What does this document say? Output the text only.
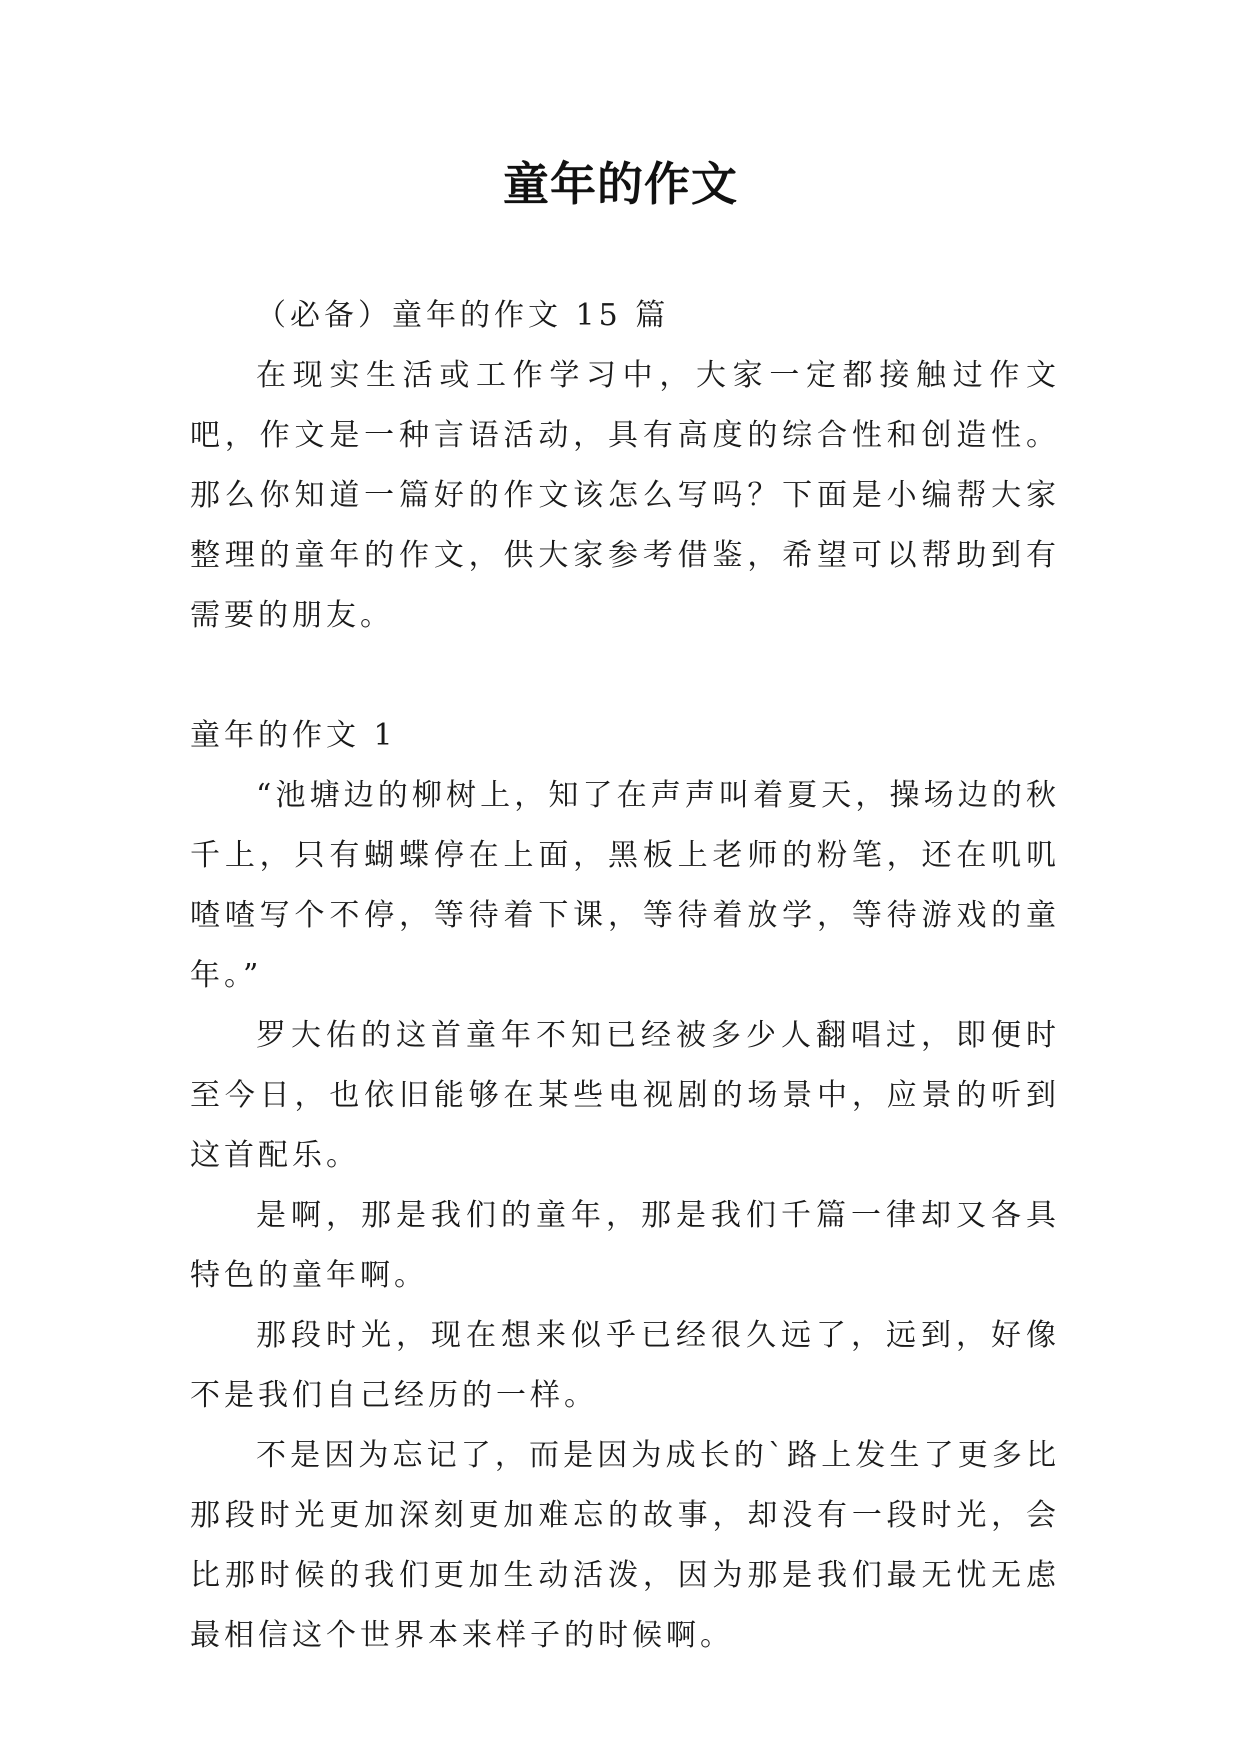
童年的作文

（必备）童年的作文 15 篇

在现实生活或工作学习中，大家一定都接触过作文吧，作文是一种言语活动，具有高度的综合性和创造性。那么你知道一篇好的作文该怎么写吗？下面是小编帮大家整理的童年的作文，供大家参考借鉴，希望可以帮助到有需要的朋友。

童年的作文 1

“池塘边的柳树上，知了在声声叫着夏天，操场边的秋千上，只有蝴蝶停在上面，黑板上老师的粉笔，还在叽叽喳喳写个不停，等待着下课，等待着放学，等待游戏的童年。”

罗大佑的这首童年不知已经被多少人翻唱过，即便时至今日，也依旧能够在某些电视剧的场景中，应景的听到这首配乐。

是啊，那是我们的童年，那是我们千篇一律却又各具特色的童年啊。

那段时光，现在想来似乎已经很久远了，远到，好像不是我们自己经历的一样。

不是因为忘记了，而是因为成长的`路上发生了更多比那段时光更加深刻更加难忘的故事，却没有一段时光，会比那时候的我们更加生动活泼，因为那是我们最无忧无虑最相信这个世界本来样子的时候啊。
